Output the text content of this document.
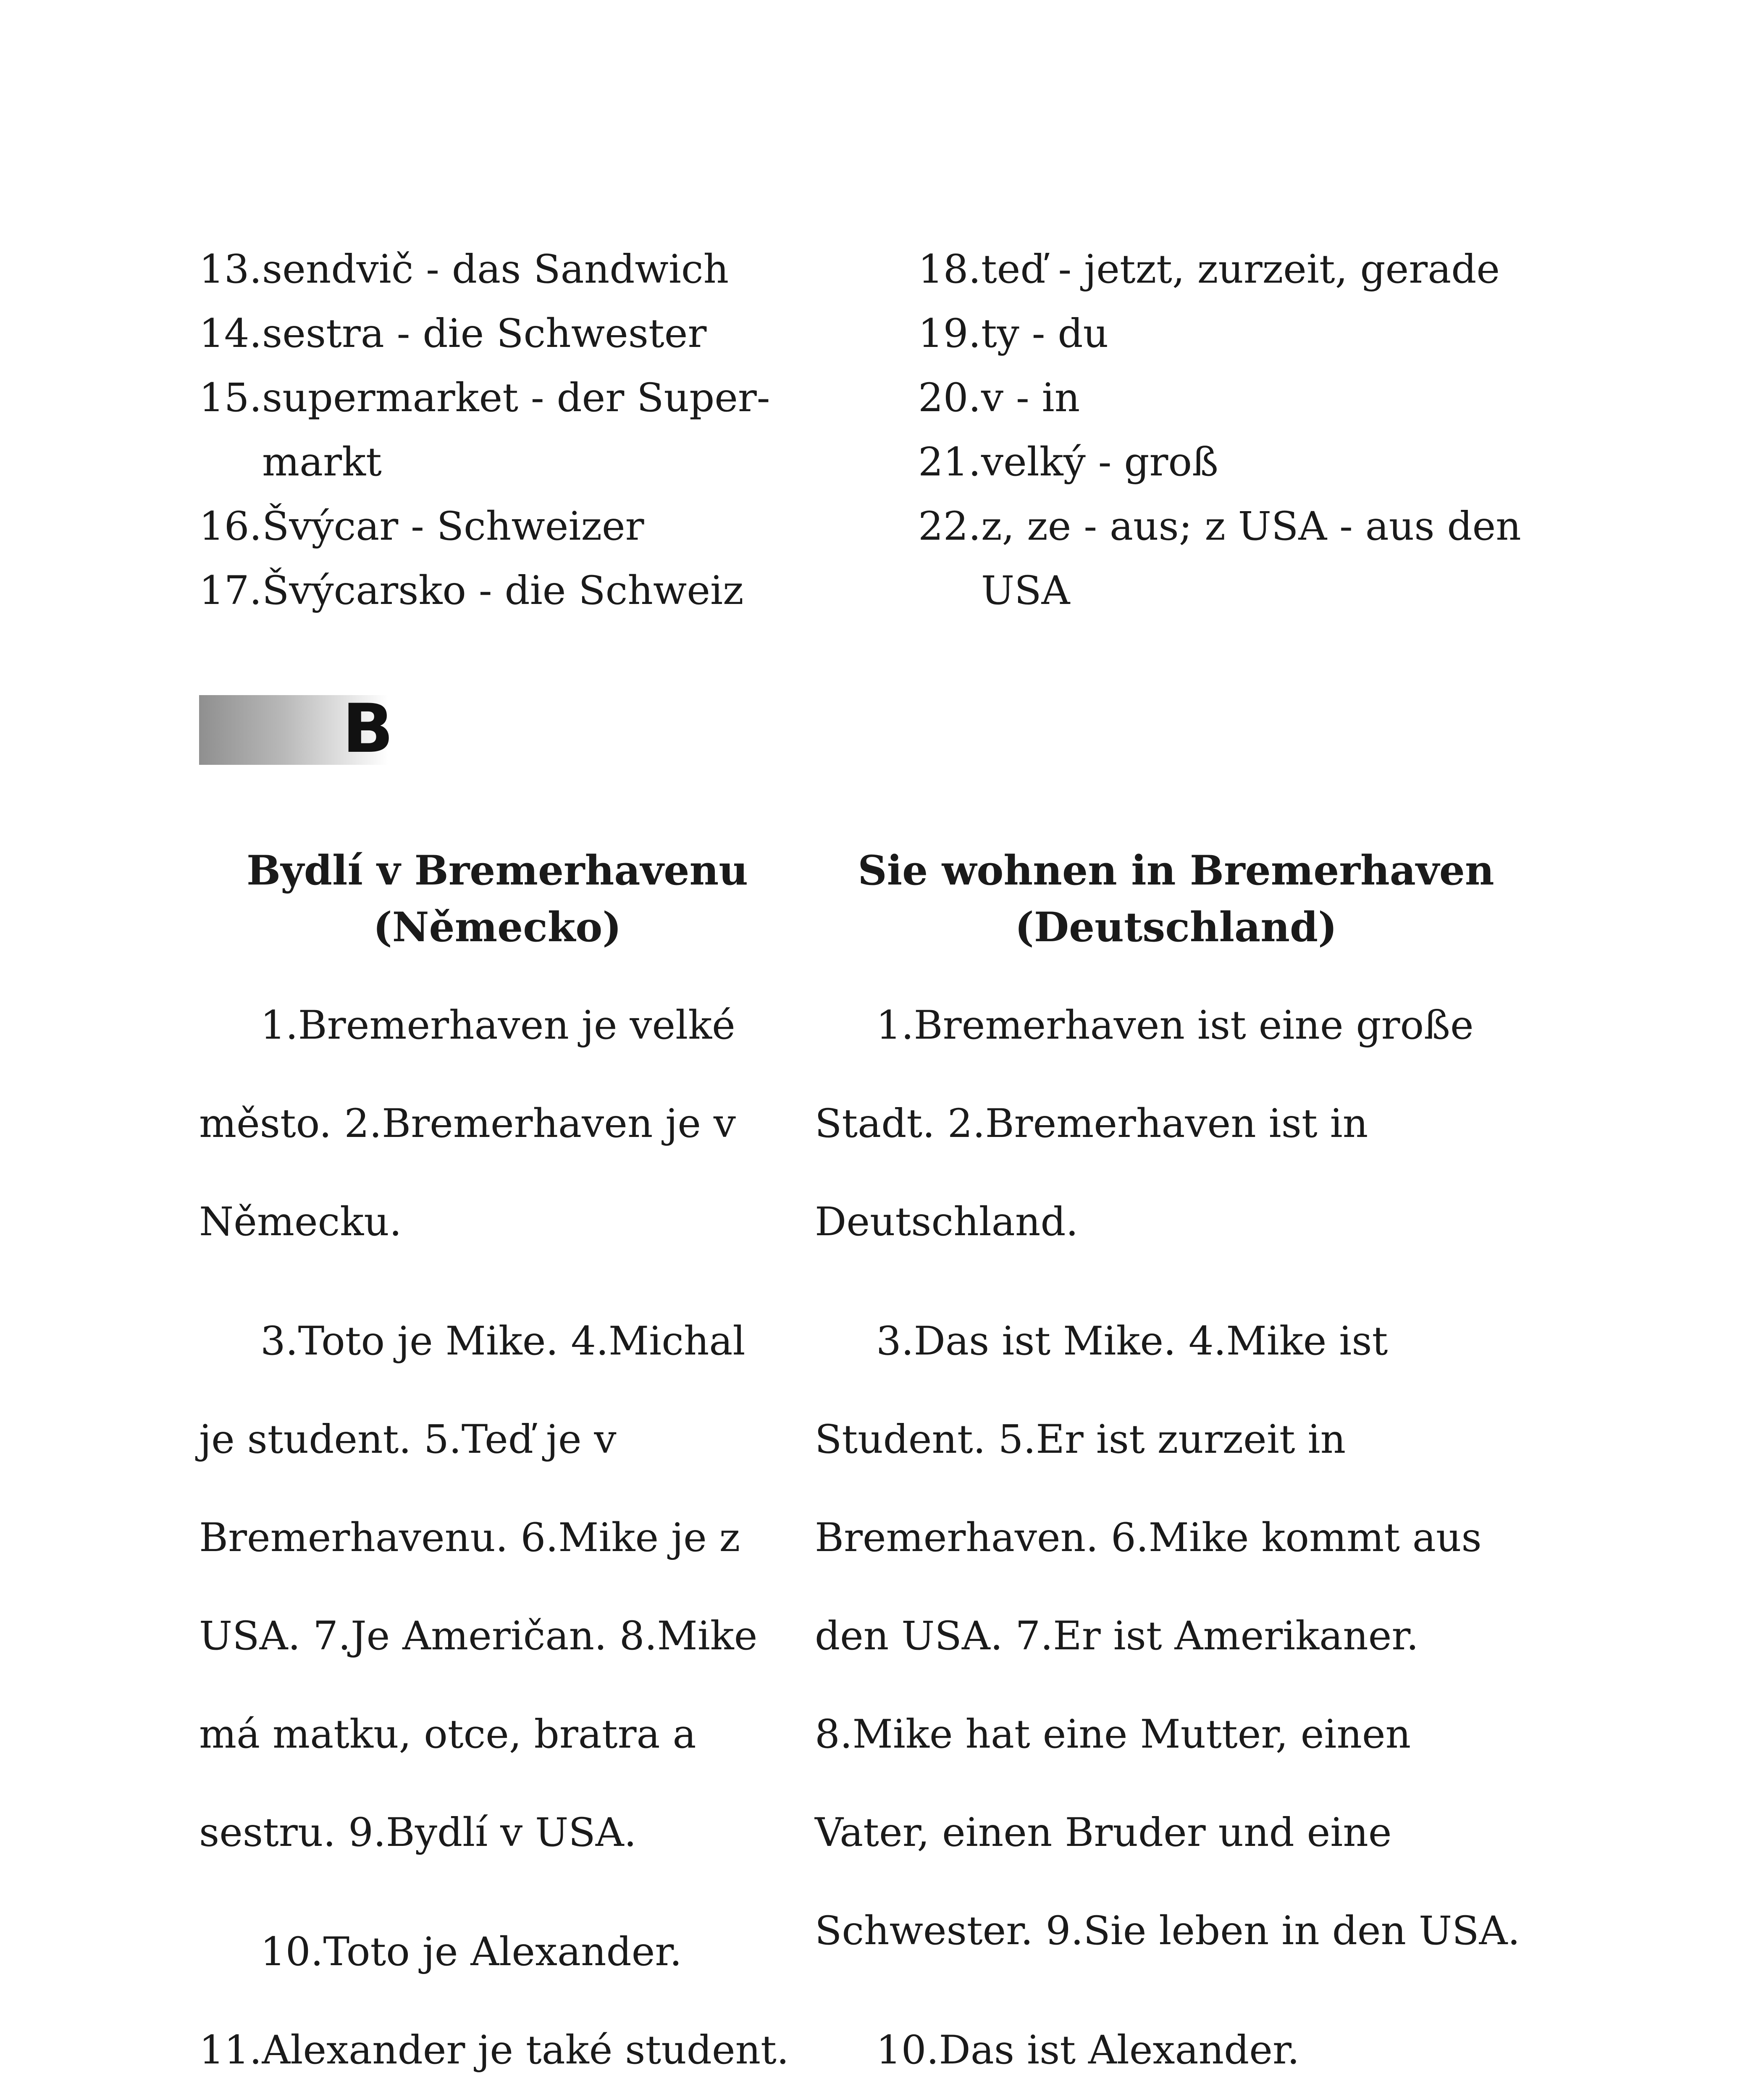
13. sendvič - das Sandwich
14. sestra - die Schwester
15. supermarket - der Super-markt
16. Švýcar - Schweizer
17. Švýcarsko - die Schweiz
18. teď - jetzt, zurzeit, gerade
19. ty - du
20. v - in
21. velký - groß
22. z, ze - aus; z USA - aus den USA
B
Bydlí v Bremerhavenu
(Německo)
Sie wohnen in Bremerhaven
(Deutschland)

1.Bremerhaven je velké město. 2.Bremerhaven je v Německu.

3.Toto je Mike. 4.Michal je student. 5.Teď je v Bremerhavenu. 6.Mike je z USA. 7.Je Američan. 8.Mike má matku, otce, bratra a sestru. 9.Bydlí v USA.

10.Toto je Alexander. 11.Alexander je také student.

1.Bremerhaven ist eine große Stadt. 2.Bremerhaven ist in Deutschland.

3.Das ist Mike. 4.Mike ist Student. 5.Er ist zurzeit in Bremerhaven. 6.Mike kommt aus den USA. 7.Er ist Amerikaner. 8.Mike hat eine Mutter, einen Vater, einen Bruder und eine Schwester. 9.Sie leben in den USA.

10.Das ist Alexander.
